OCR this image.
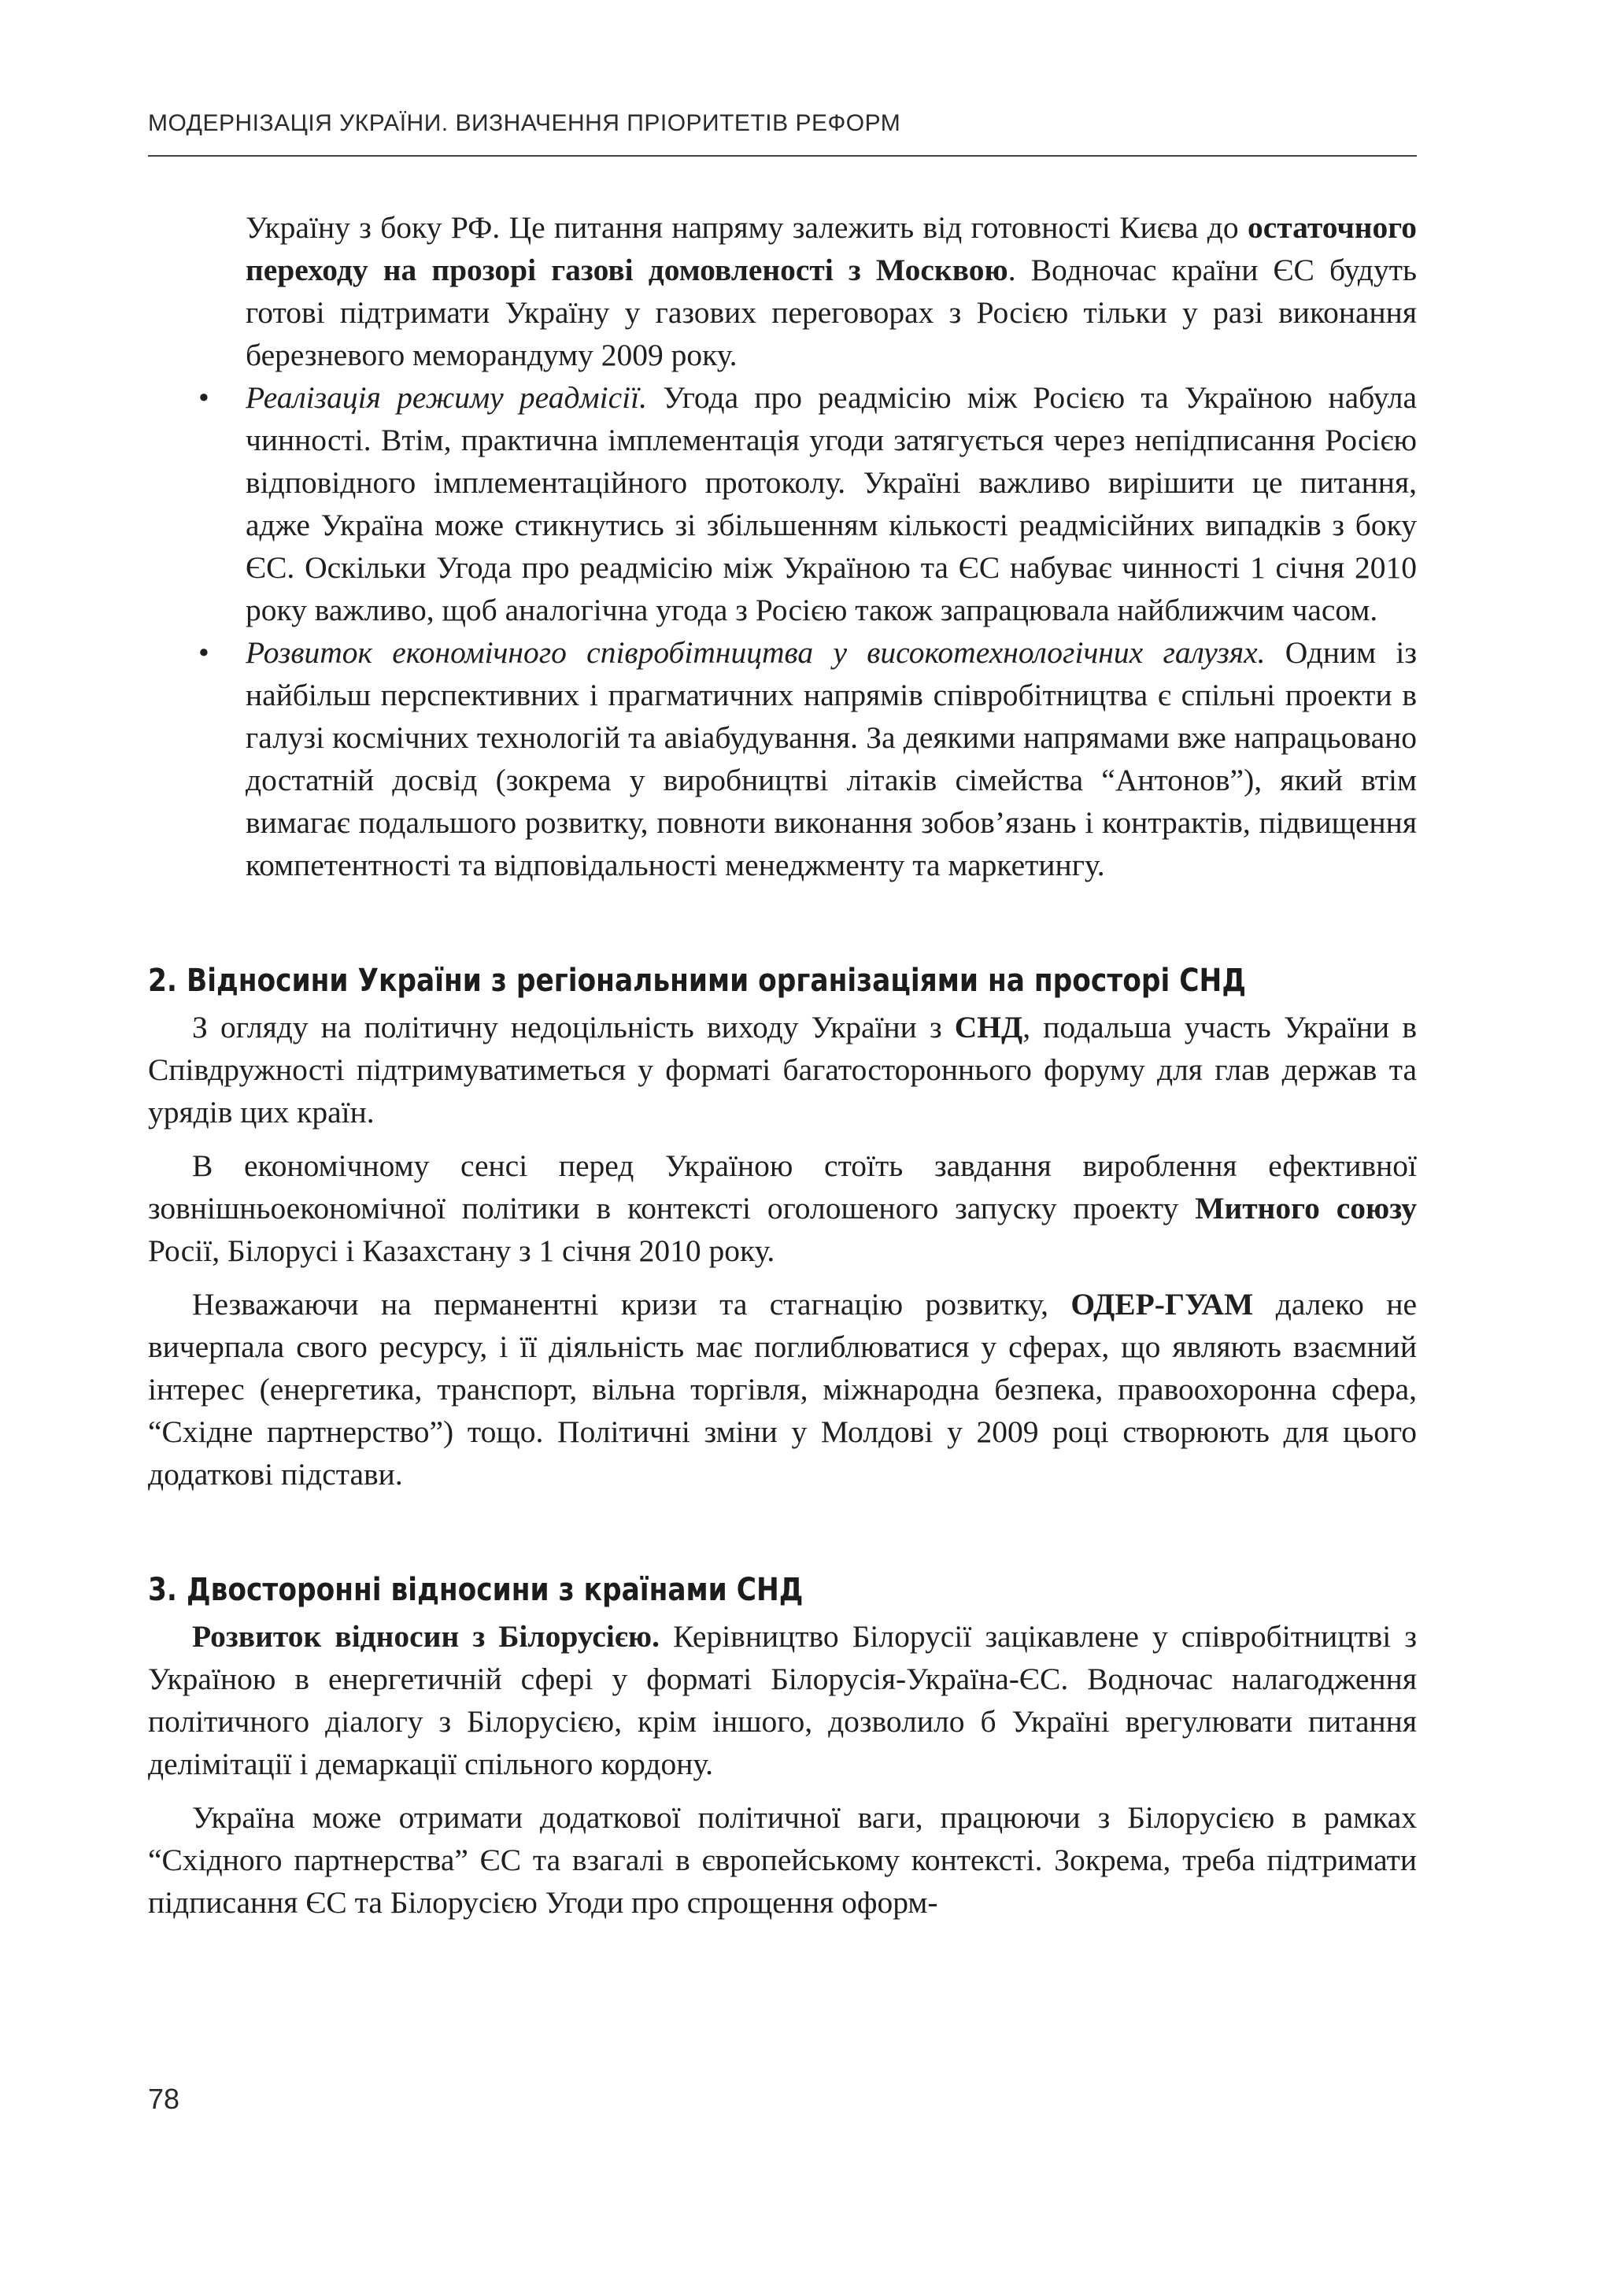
МОДЕРНІЗАЦІЯ УКРАЇНИ. ВИЗНАЧЕННЯ ПРІОРИТЕТІВ РЕФОРМ

Україну з боку РФ. Це питання напряму залежить від готовності Києва до остаточного переходу на прозорі газові домовленості з Москвою. Водночас країни ЄС будуть готові підтримати Україну у газових переговорах з Росією тільки у разі виконання березневого меморандуму 2009 року.

• Реалізація режиму реадмісії. Угода про реадмісію між Росією та Україною набула чинності. Втім, практична імплементація угоди затягується через непідписання Росією відповідного імплементаційного протоколу. Україні важливо вирішити це питання, адже Україна може стикнутись зі збільшенням кількості реадмісійних випадків з боку ЄС. Оскільки Угода про реадмісію між Україною та ЄС набуває чинності 1 січня 2010 року важливо, щоб аналогічна угода з Росією також запрацювала найближчим часом.

• Розвиток економічного співробітництва у високотехнологічних галузях. Одним із найбільш перспективних і прагматичних напрямів співробітництва є спільні проекти в галузі космічних технологій та авіабудування. За деякими напрямами вже напрацьовано достатній досвід (зокрема у виробництві літаків сімейства “Антонов”), який втім вимагає подальшого розвитку, повноти виконання зобов’язань і контрактів, підвищення компетентності та відповідальності менеджменту та маркетингу.

2. Відносини України з регіональними організаціями на просторі СНД

З огляду на політичну недоцільність виходу України з СНД, подальша участь України в Співдружності підтримуватиметься у форматі багатостороннього форуму для глав держав та урядів цих країн.

В економічному сенсі перед Україною стоїть завдання вироблення ефективної зовнішньоекономічної політики в контексті оголошеного запуску проекту Митного союзу Росії, Білорусі і Казахстану з 1 січня 2010 року.

Незважаючи на перманентні кризи та стагнацію розвитку, ОДЕР-ГУАМ далеко не вичерпала свого ресурсу, і її діяльність має поглиблюватися у сферах, що являють взаємний інтерес (енергетика, транспорт, вільна торгівля, міжнародна безпека, правоохоронна сфера, “Східне партнерство”) тощо. Політичні зміни у Молдові у 2009 році створюють для цього додаткові підстави.

3. Двосторонні відносини з країнами СНД

Розвиток відносин з Білорусією. Керівництво Білорусії зацікавлене у співробітництві з Україною в енергетичній сфері у форматі Білорусія-Україна-ЄС. Водночас налагодження політичного діалогу з Білорусією, крім іншого, дозволило б Україні врегулювати питання делімітації і демаркації спільного кордону.

Україна може отримати додаткової політичної ваги, працюючи з Білорусією в рамках “Східного партнерства” ЄС та взагалі в європейському контексті. Зокрема, треба підтримати підписання ЄС та Білорусією Угоди про спрощення оформ-

78
